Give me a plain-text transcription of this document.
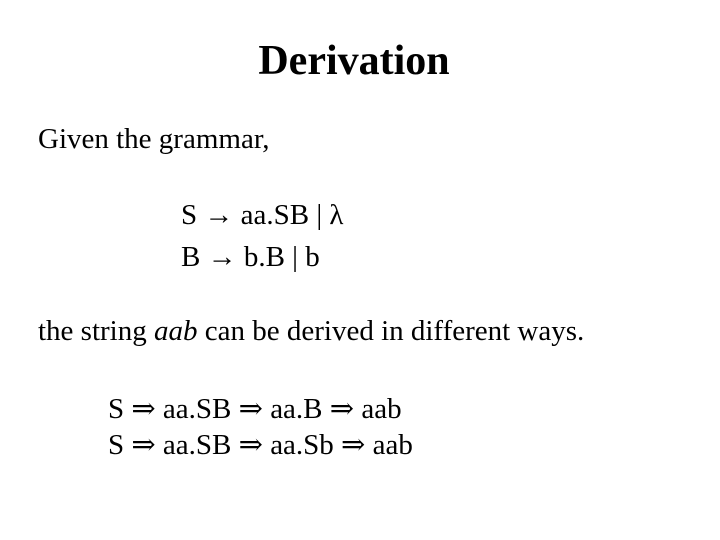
Derivation
Given the grammar,
S → aa.SB | λ
B → b.B | b
the string aab can be derived in different ways.
S ⇒ aa.SB ⇒ aa.B ⇒ aab
S ⇒ aa.SB ⇒ aa.Sb ⇒ aab
